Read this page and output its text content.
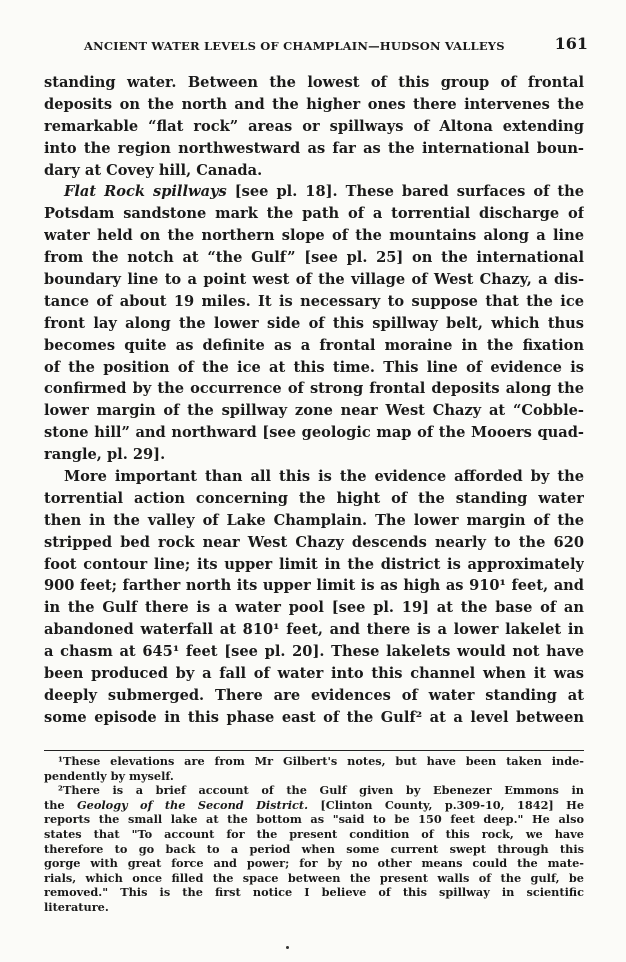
ANCIENT WATER LEVELS OF CHAMPLAIN—HUDSON VALLEYS	161
standing water. Between the lowest of this group of frontal
deposits on the north and the higher ones there intervenes the
remarkable “flat rock” areas or spillways of Altona extending
into the region northwestward as far as the international boun-
dary at Covey hill, Canada.
Flat Rock spillways [see pl. 18]. These bared surfaces of the
Potsdam sandstone mark the path of a torrential discharge of
water held on the northern slope of the mountains along a line
from the notch at “the Gulf” [see pl. 25] on the international
boundary line to a point west of the village of West Chazy, a dis-
tance of about 19 miles. It is necessary to suppose that the ice
front lay along the lower side of this spillway belt, which thus
becomes quite as definite as a frontal moraine in the fixation
of the position of the ice at this time. This line of evidence is
confirmed by the occurrence of strong frontal deposits along the
lower margin of the spillway zone near West Chazy at “Cobble-
stone hill” and northward [see geologic map of the Mooers quad-
rangle, pl. 29].
More important than all this is the evidence afforded by the
torrential action concerning the hight of the standing water
then in the valley of Lake Champlain. The lower margin of the
stripped bed rock near West Chazy descends nearly to the 620
foot contour line; its upper limit in the district is approximately
900 feet; farther north its upper limit is as high as 910¹ feet, and
in the Gulf there is a water pool [see pl. 19] at the base of an
abandoned waterfall at 810¹ feet, and there is a lower lakelet in
a chasm at 645¹ feet [see pl. 20]. These lakelets would not have
been produced by a fall of water into this channel when it was
deeply submerged. There are evidences of water standing at
some episode in this phase east of the Gulf² at a level between
¹These elevations are from Mr Gilbert's notes, but have been taken inde-
pendently by myself.
²There is a brief account of the Gulf given by Ebenezer Emmons in
the Geology of the Second District. [Clinton County, p.309-10, 1842] He
reports the small lake at the bottom as "said to be 150 feet deep." He also
states that "To account for the present condition of this rock, we have
therefore to go back to a period when some current swept through this
gorge with great force and power; for by no other means could the mate-
rials, which once filled the space between the present walls of the gulf, be
removed." This is the first notice I believe of this spillway in scientific
literature.
